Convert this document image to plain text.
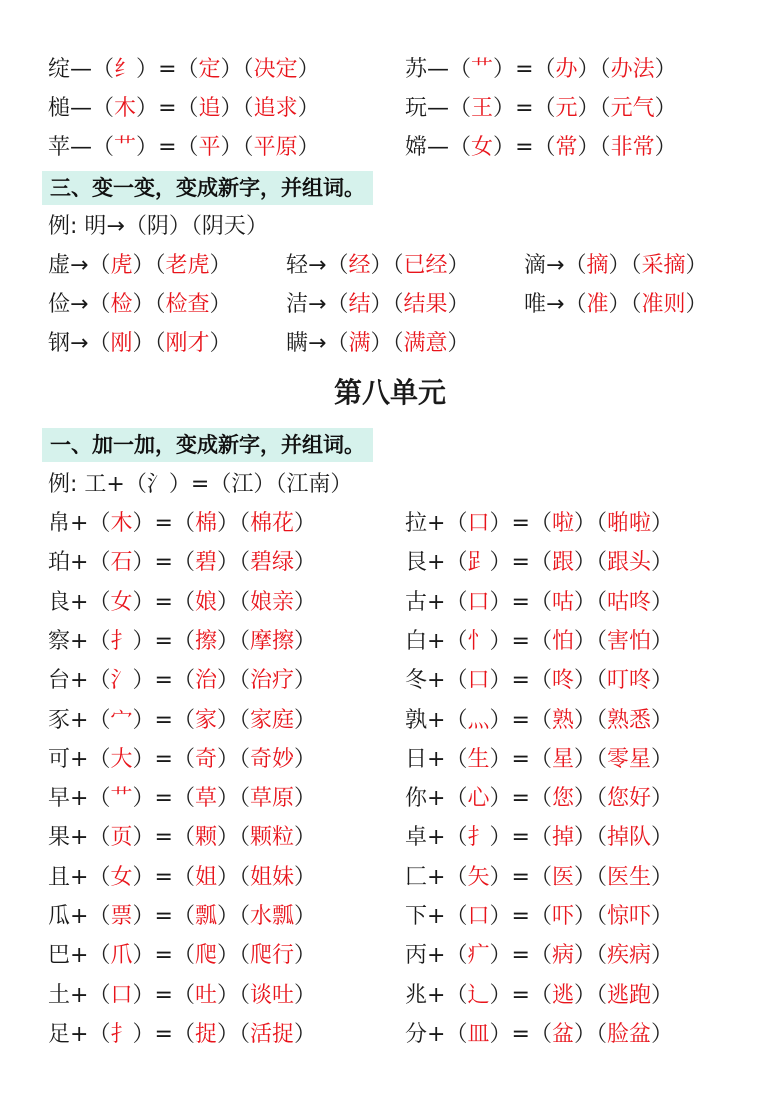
绽—（纟）=（定）（决定）	苏—（艹）=（办）（办法）
槌—（木）=（追）（追求）	玩—（王）=（元）（元气）
苹—（艹）=（平）（平原）	嫦—（女）=（常）（非常）
三、变一变，变成新字，并组词。
例: 明→（阴）（阴天）
虚→（虎）（老虎） 轻→（经）（已经） 滴→（摘）（采摘）
俭→（检）（检查） 洁→（结）（结果） 唯→（准）（准则）
钢→（刚）（刚才） 瞒→（满）（满意）
第八单元
一、加一加，变成新字，并组词。
例: 工+（氵）=（江）（江南）
帛+（木）=（棉）（棉花）	拉+（口）=（啦）（啪啦）
珀+（石）=（碧）（碧绿）	艮+（𧾷）=（跟）（跟头）
良+（女）=（娘）（娘亲）	古+（口）=（咕）（咕咚）
察+（扌）=（擦）（摩擦）	白+（忄）=（怕）（害怕）
台+（氵）=（治）（治疗）	冬+（口）=（咚）（叮咚）
豕+（宀）=（家）（家庭）	孰+（灬）=（熟）（熟悉）
可+（大）=（奇）（奇妙）	日+（生）=（星）（零星）
早+（艹）=（草）（草原）	你+（心）=（您）（您好）
果+（页）=（颗）（颗粒）	卓+（扌）=（掉）（掉队）
且+（女）=（姐）（姐妹）	匚+（矢）=（医）（医生）
瓜+（票）=（瓢）（水瓢）	下+（口）=（吓）（惊吓）
巴+（爪）=（爬）（爬行）	丙+（疒）=（病）（疾病）
土+（口）=（吐）（谈吐）	兆+（辶）=（逃）（逃跑）
足+（扌）=（捉）（活捉）	分+（皿）=（盆）（脸盆）
